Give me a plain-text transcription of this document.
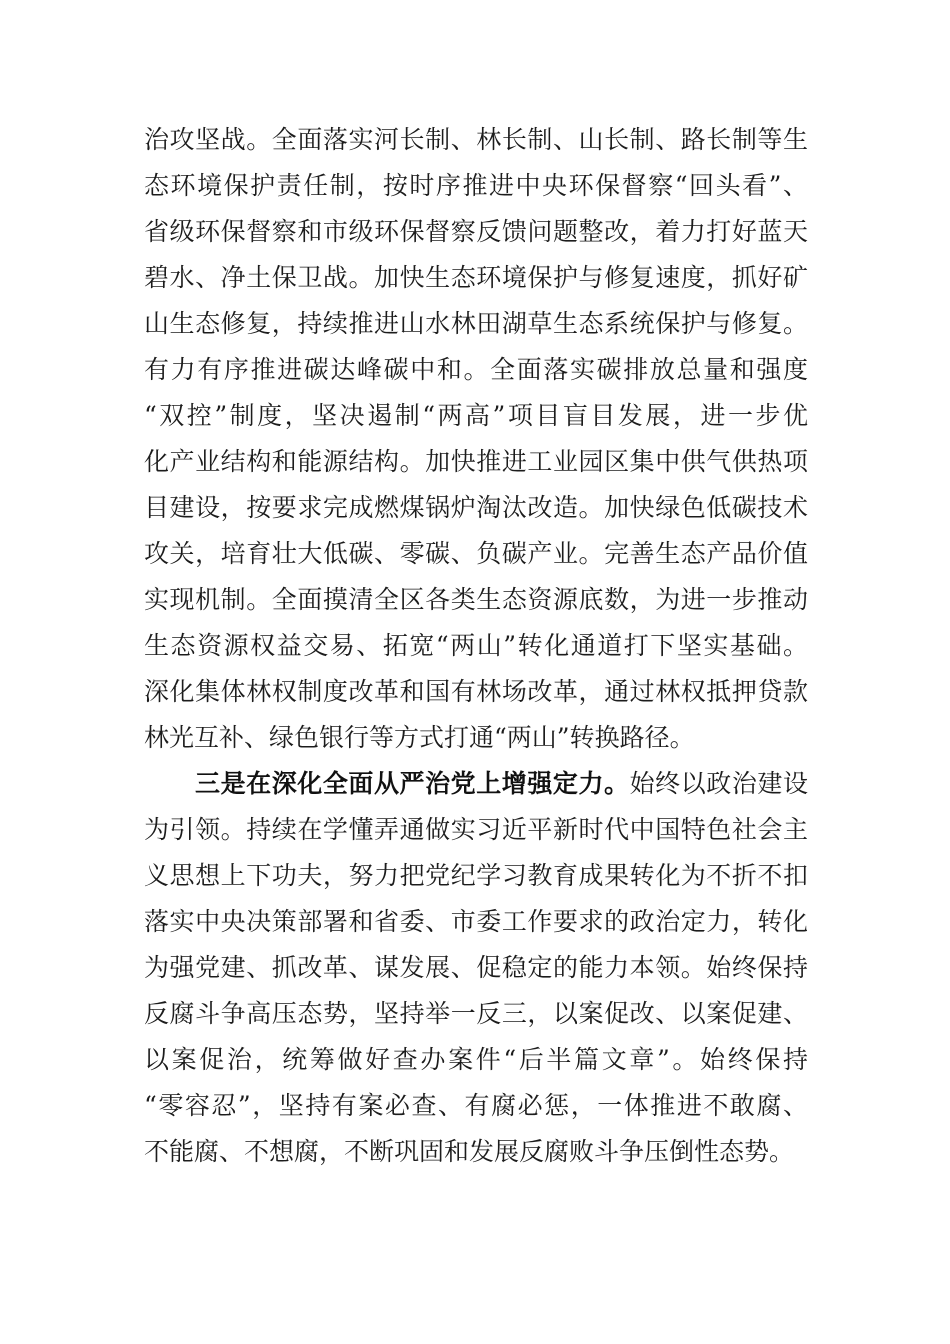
治攻坚战。全面落实河长制、林长制、山长制、路长制等生
态环境保护责任制，按时序推进中央环保督察“回头看”、
省级环保督察和市级环保督察反馈问题整改，着力打好蓝天
碧水、净土保卫战。加快生态环境保护与修复速度，抓好矿
山生态修复，持续推进山水林田湖草生态系统保护与修复。
有力有序推进碳达峰碳中和。全面落实碳排放总量和强度
“双控”制度，坚决遏制“两高”项目盲目发展，进一步优
化产业结构和能源结构。加快推进工业园区集中供气供热项
目建设，按要求完成燃煤锅炉淘汰改造。加快绿色低碳技术
攻关，培育壮大低碳、零碳、负碳产业。完善生态产品价值
实现机制。全面摸清全区各类生态资源底数，为进一步推动
生态资源权益交易、拓宽“两山”转化通道打下坚实基础。
深化集体林权制度改革和国有林场改革，通过林权抵押贷款
林光互补、绿色银行等方式打通“两山”转换路径。
三是在深化全面从严治党上增强定力。始终以政治建设
为引领。持续在学懂弄通做实习近平新时代中国特色社会主
义思想上下功夫，努力把党纪学习教育成果转化为不折不扣
落实中央决策部署和省委、市委工作要求的政治定力，转化
为强党建、抓改革、谋发展、促稳定的能力本领。始终保持
反腐斗争高压态势，坚持举一反三，以案促改、以案促建、
以案促治，统筹做好查办案件“后半篇文章”。始终保持
“零容忍”，坚持有案必查、有腐必惩，一体推进不敢腐、
不能腐、不想腐，不断巩固和发展反腐败斗争压倒性态势。
